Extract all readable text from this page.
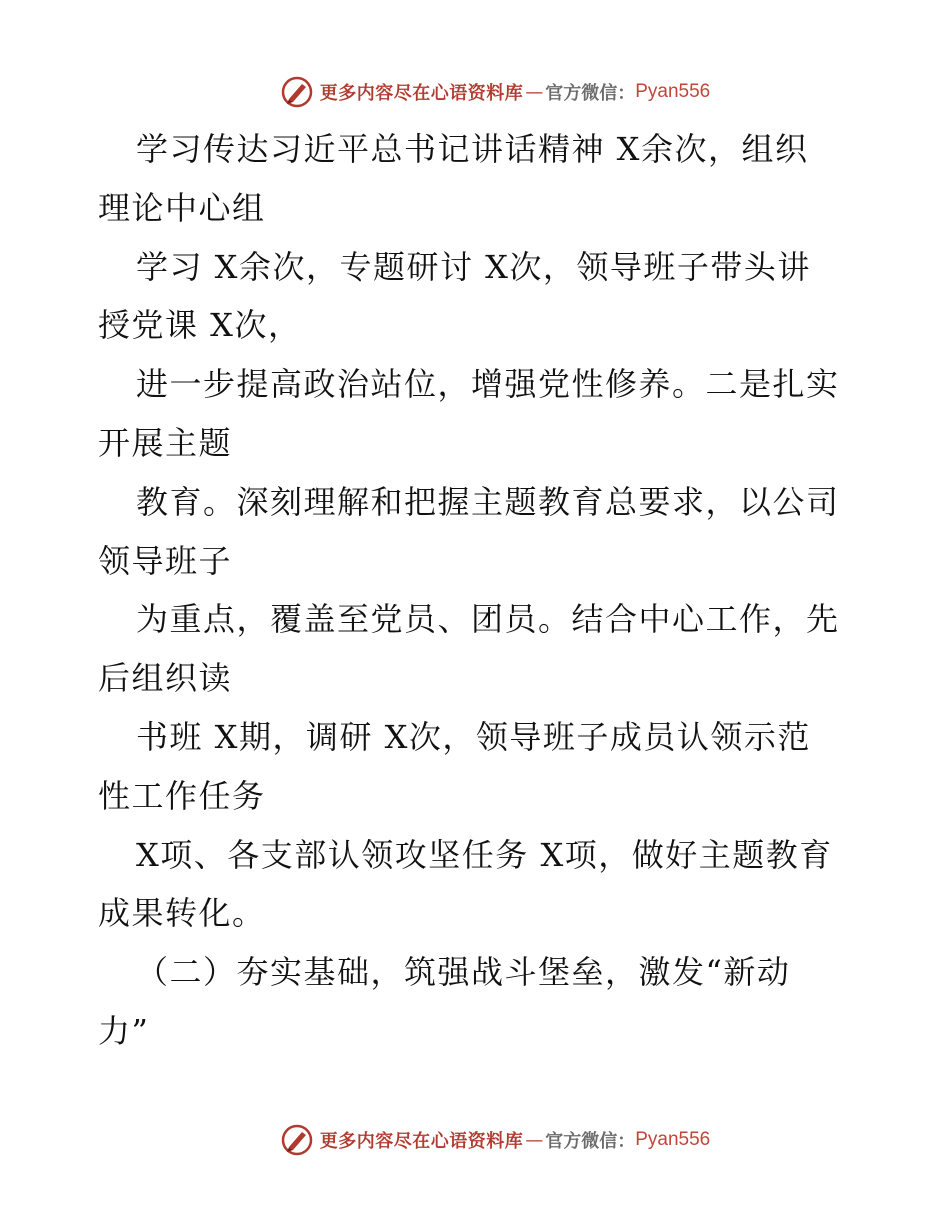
更多内容尽在心语资料库 — 官方微信： Pyan556

学习传达习近平总书记讲话精神 X余次，组织

理论中心组

学习 X余次，专题研讨 X次，领导班子带头讲

授党课 X次，

进一步提高政治站位，增强党性修养。二是扎实

开展主题

教育。深刻理解和把握主题教育总要求，以公司

领导班子

为重点，覆盖至党员、团员。结合中心工作，先

后组织读

书班 X期，调研 X次，领导班子成员认领示范

性工作任务

X项、各支部认领攻坚任务 X项，做好主题教育

成果转化。

（二）夯实基础，筑强战斗堡垒，激发“新动

力”

更多内容尽在心语资料库 — 官方微信： Pyan556
